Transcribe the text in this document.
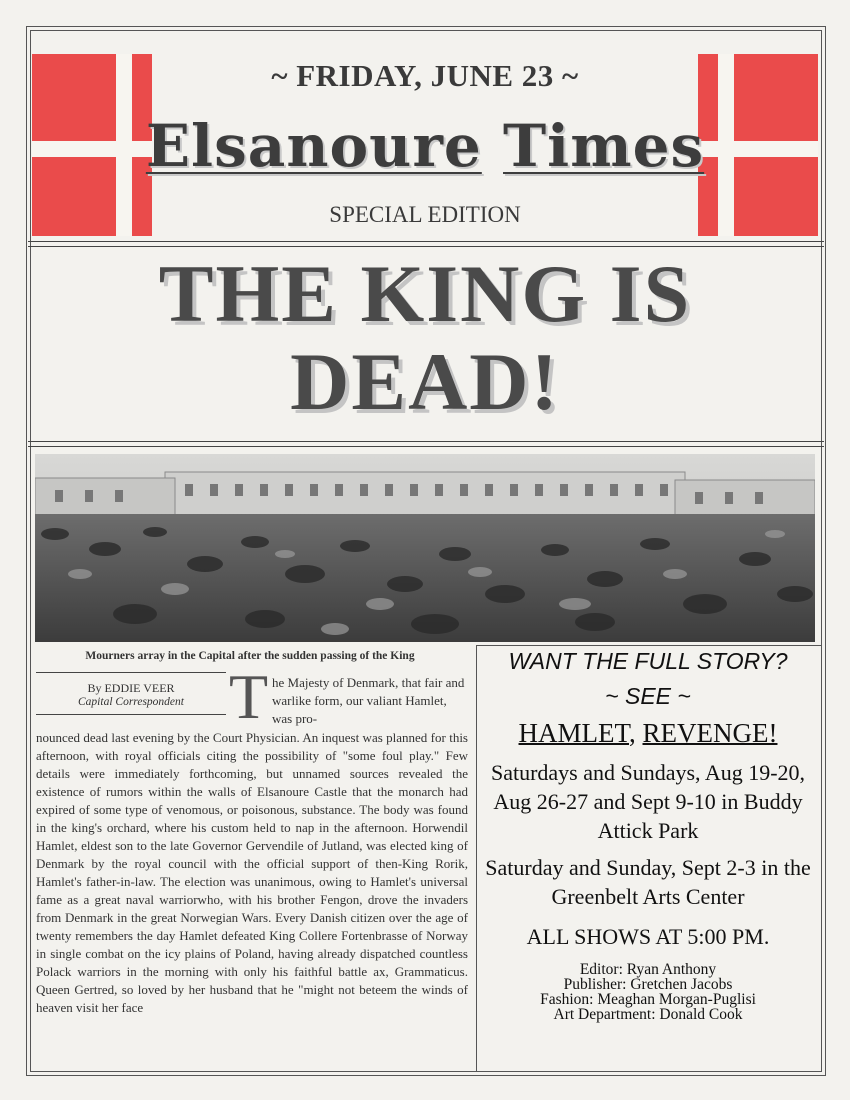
~ FRIDAY, JUNE 23 ~
Elsanoure Times
SPECIAL EDITION
THE KING IS
DEAD!
Mourners array in the Capital after the sudden passing of the King
By EDDIE VEER
Capital Correspondent T he Majesty of Denmark, that fair and warlike form, our valiant Hamlet, was pro-
nounced dead last evening by the Court Physician. An inquest was planned for this afternoon, with royal officials citing the possibility of "some foul play." Few details were immediately forthcoming, but unnamed sources revealed the existence of rumors within the walls of Elsanoure Castle that the monarch had expired of some type of venomous, or poisonous, substance. The body was found in the king's orchard, where his custom held to nap in the afternoon. Horwendil Hamlet, eldest son to the late Governor Gervendile of Jutland, was elected king of Denmark by the royal council with the official support of then-King Rorik, Hamlet's father-in-law. The election was unanimous, owing to Hamlet's universal fame as a great naval warriorwho, with his brother Fengon, drove the invaders from Denmark in the great Norwegian Wars. Every Danish citizen over the age of twenty remembers the day Hamlet defeated King Collere Fortenbrasse of Norway in single combat on the icy plains of Poland, having already dispatched countless Polack warriors in the morning with only his faithful battle ax, Grammaticus. Queen Gertred, so loved by her husband that he "might not beteem the winds of heaven visit her face
WANT THE FULL STORY?
~ SEE ~
HAMLET, REVENGE!
Saturdays and Sundays, Aug 19-20, Aug 26-27 and Sept 9-10 in Buddy Attick Park
Saturday and Sunday, Sept 2-3 in the Greenbelt Arts Center
ALL SHOWS AT 5:00 PM.
Editor: Ryan Anthony
Publisher: Gretchen Jacobs
Fashion: Meaghan Morgan-Puglisi
Art Department: Donald Cook
